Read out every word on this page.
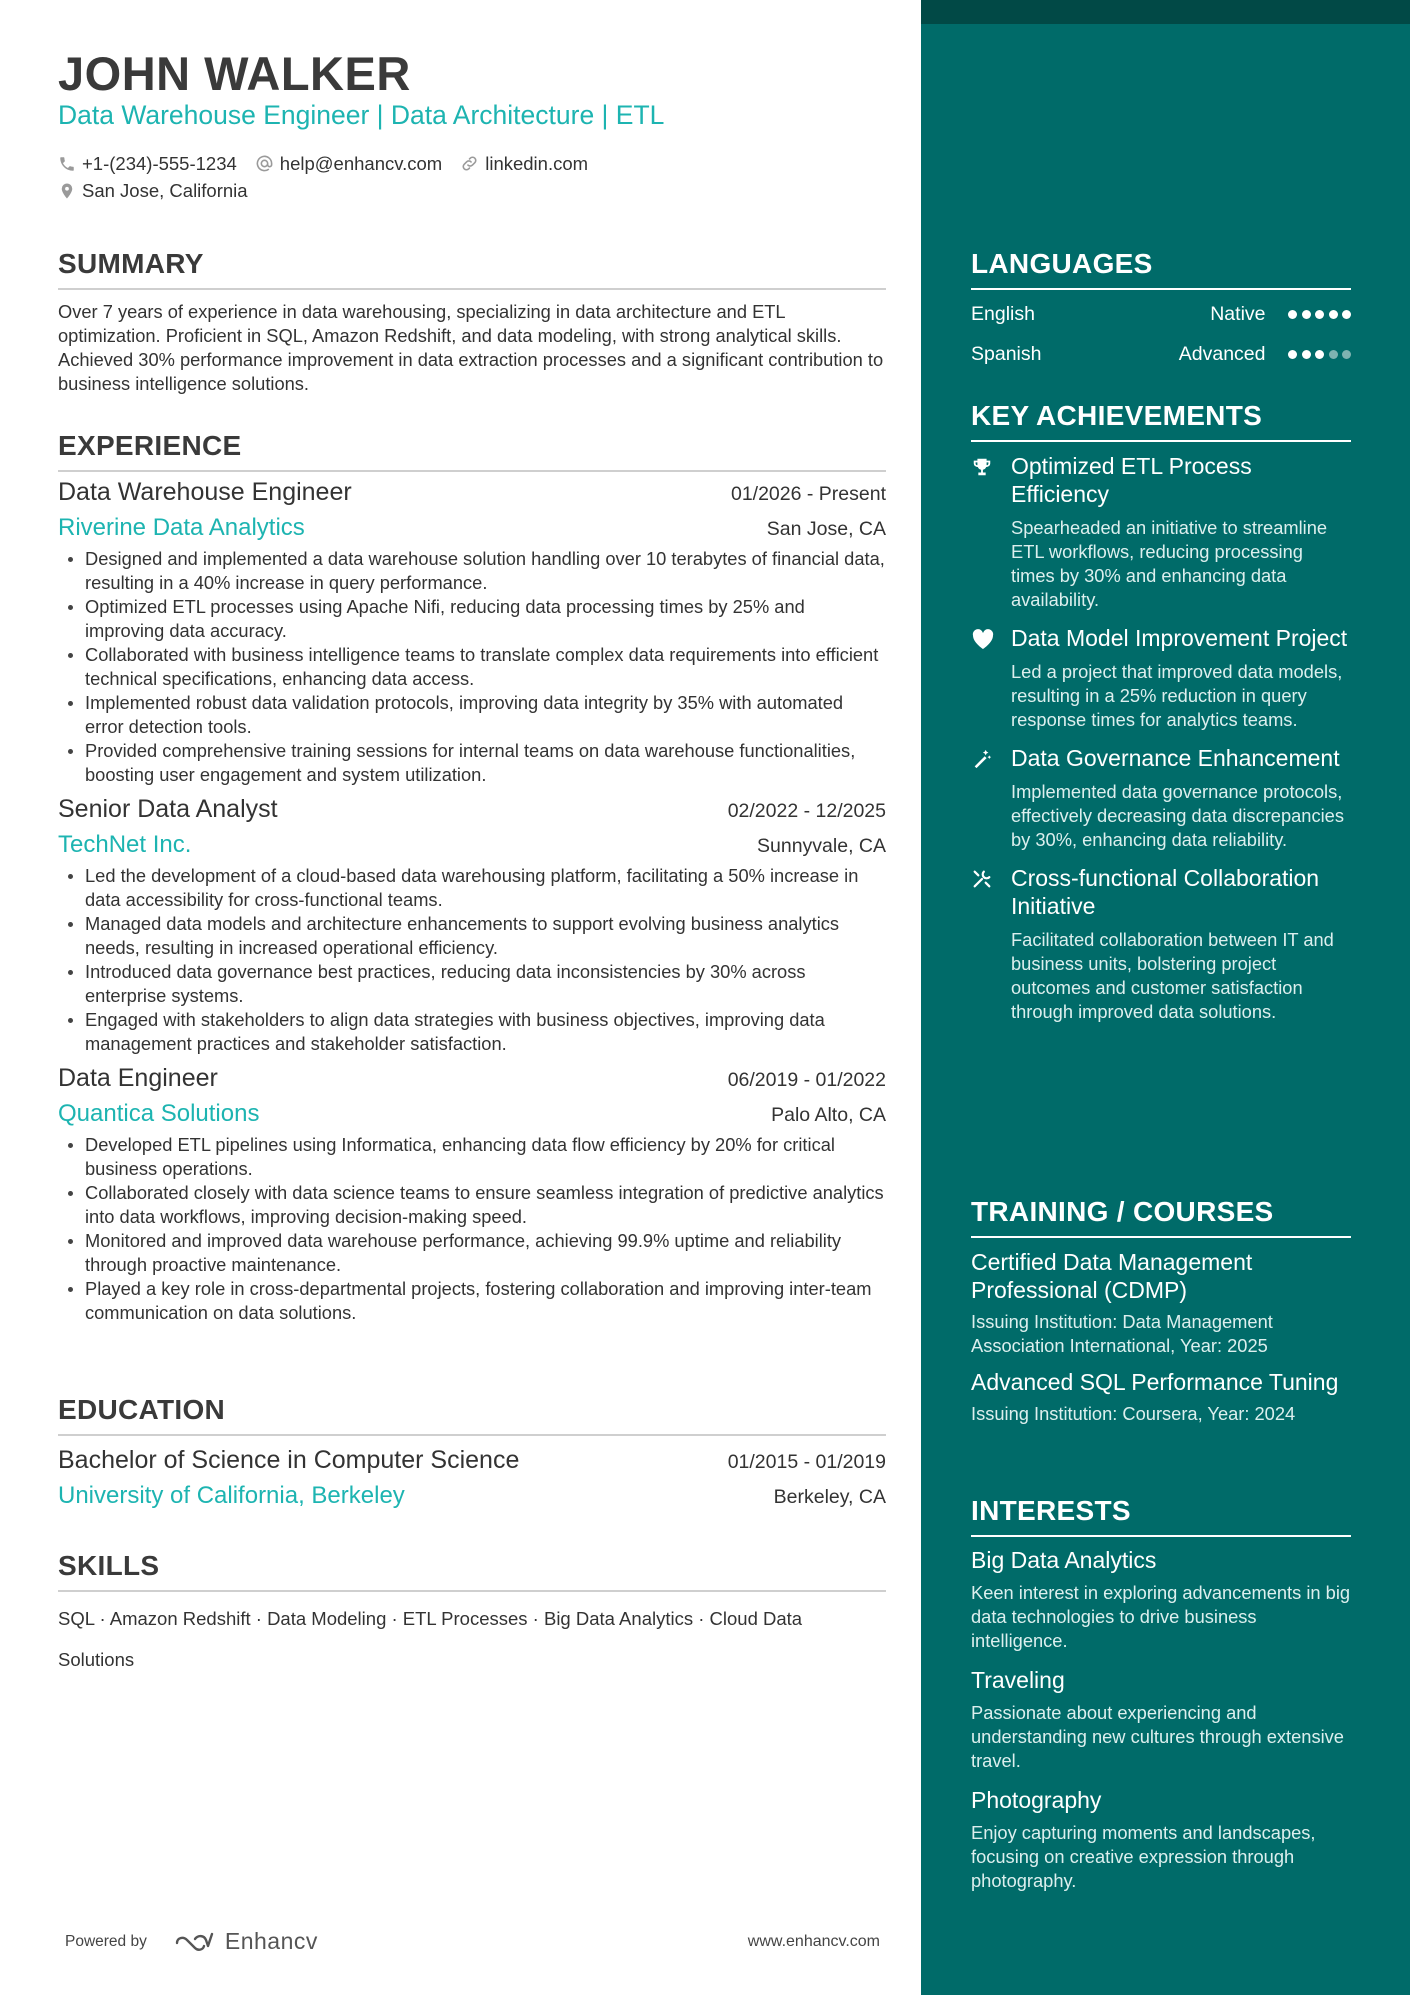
JOHN WALKER
Data Warehouse Engineer | Data Architecture | ETL
+1-(234)-555-1234 help@enhancv.com linkedin.com
San Jose, California
SUMMARY

Over 7 years of experience in data warehousing, specializing in data architecture and ETL optimization. Proficient in SQL, Amazon Redshift, and data modeling, with strong analytical skills. Achieved 30% performance improvement in data extraction processes and a significant contribution to business intelligence solutions.

EXPERIENCE
Data Warehouse Engineer	01/2026 - Present
Riverine Data Analytics	San Jose, CA
Designed and implemented a data warehouse solution handling over 10 terabytes of financial data, resulting in a 40% increase in query performance.
Optimized ETL processes using Apache Nifi, reducing data processing times by 25% and improving data accuracy.
Collaborated with business intelligence teams to translate complex data requirements into efficient technical specifications, enhancing data access.
Implemented robust data validation protocols, improving data integrity by 35% with automated error detection tools.
Provided comprehensive training sessions for internal teams on data warehouse functionalities, boosting user engagement and system utilization.
Senior Data Analyst	02/2022 - 12/2025
TechNet Inc.	Sunnyvale, CA
Led the development of a cloud-based data warehousing platform, facilitating a 50% increase in data accessibility for cross-functional teams.
Managed data models and architecture enhancements to support evolving business analytics needs, resulting in increased operational efficiency.
Introduced data governance best practices, reducing data inconsistencies by 30% across enterprise systems.
Engaged with stakeholders to align data strategies with business objectives, improving data management practices and stakeholder satisfaction.
Data Engineer	06/2019 - 01/2022
Quantica Solutions	Palo Alto, CA
Developed ETL pipelines using Informatica, enhancing data flow efficiency by 20% for critical business operations.
Collaborated closely with data science teams to ensure seamless integration of predictive analytics into data workflows, improving decision-making speed.
Monitored and improved data warehouse performance, achieving 99.9% uptime and reliability through proactive maintenance.
Played a key role in cross-departmental projects, fostering collaboration and improving inter-team communication on data solutions.
EDUCATION
Bachelor of Science in Computer Science	01/2015 - 01/2019
University of California, Berkeley	Berkeley, CA
SKILLS

SQL · Amazon Redshift · Data Modeling · ETL Processes · Big Data Analytics · Cloud Data Solutions

Powered by	Enhancv	www.enhancv.com
LANGUAGES
English	Native
Spanish	Advanced
KEY ACHIEVEMENTS
Optimized ETL Process Efficiency
Spearheaded an initiative to streamline ETL workflows, reducing processing times by 30% and enhancing data availability.
Data Model Improvement Project
Led a project that improved data models, resulting in a 25% reduction in query response times for analytics teams.
Data Governance Enhancement
Implemented data governance protocols, effectively decreasing data discrepancies by 30%, enhancing data reliability.
Cross-functional Collaboration Initiative
Facilitated collaboration between IT and business units, bolstering project outcomes and customer satisfaction through improved data solutions.
TRAINING / COURSES
Certified Data Management Professional (CDMP)
Issuing Institution: Data Management Association International, Year: 2025
Advanced SQL Performance Tuning
Issuing Institution: Coursera, Year: 2024
INTERESTS
Big Data Analytics
Keen interest in exploring advancements in big data technologies to drive business intelligence.
Traveling
Passionate about experiencing and understanding new cultures through extensive travel.
Photography
Enjoy capturing moments and landscapes, focusing on creative expression through photography.
